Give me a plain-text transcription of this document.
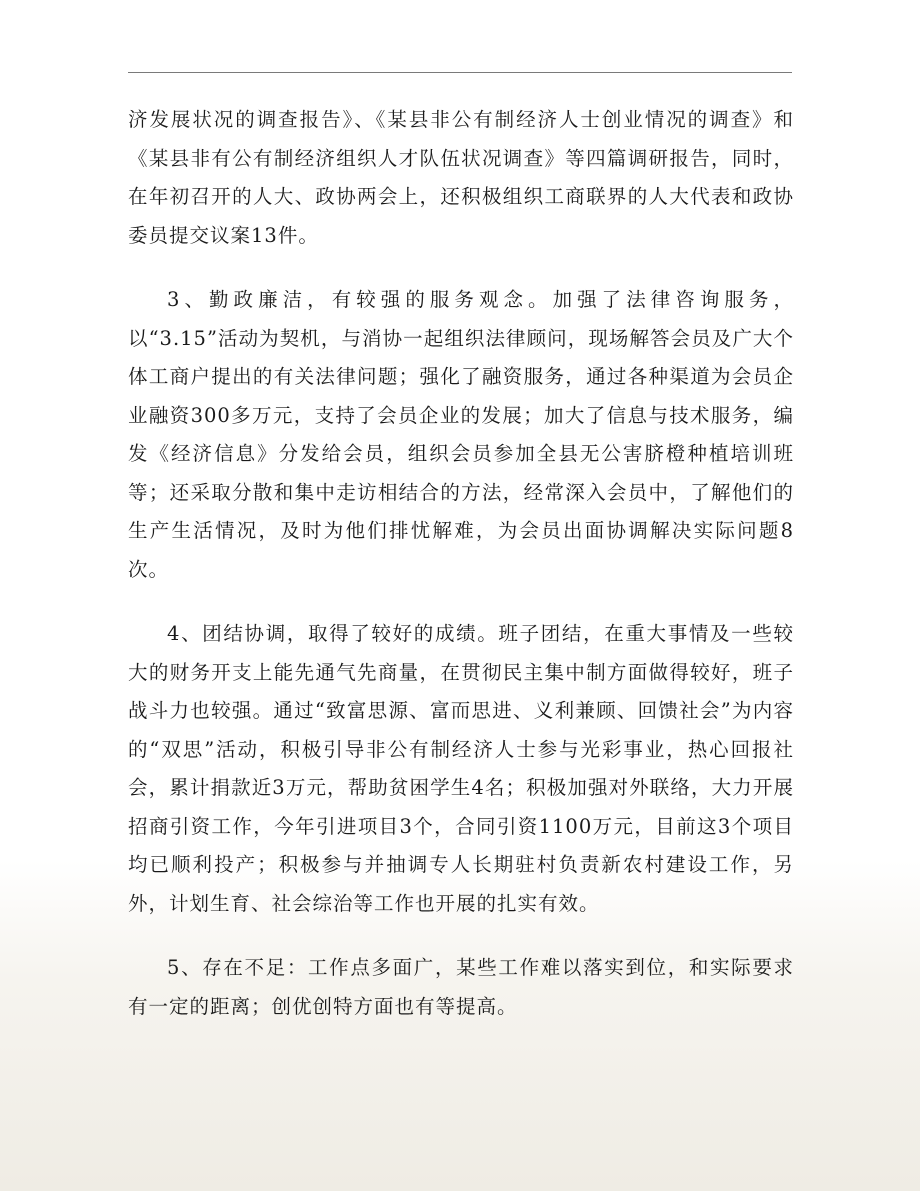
济发展状况的调查报告》、《某县非公有制经济人士创业情况的调查》和《某县非有公有制经济组织人才队伍状况调查》等四篇调研报告，同时，在年初召开的人大、政协两会上，还积极组织工商联界的人大代表和政协委员提交议案13件。

3、勤政廉洁，有较强的服务观念。加强了法律咨询服务，以“3.15”活动为契机，与消协一起组织法律顾问，现场解答会员及广大个体工商户提出的有关法律问题；强化了融资服务，通过各种渠道为会员企业融资300多万元，支持了会员企业的发展；加大了信息与技术服务，编发《经济信息》分发给会员，组织会员参加全县无公害脐橙种植培训班等；还采取分散和集中走访相结合的方法，经常深入会员中，了解他们的生产生活情况，及时为他们排忧解难，为会员出面协调解决实际问题8次。

4、团结协调，取得了较好的成绩。班子团结，在重大事情及一些较大的财务开支上能先通气先商量，在贯彻民主集中制方面做得较好，班子战斗力也较强。通过“致富思源、富而思进、义利兼顾、回馈社会”为内容的“双思”活动，积极引导非公有制经济人士参与光彩事业，热心回报社会，累计捐款近3万元，帮助贫困学生4名；积极加强对外联络，大力开展招商引资工作，今年引进项目3个，合同引资1100万元，目前这3个项目均已顺利投产；积极参与并抽调专人长期驻村负责新农村建设工作，另外，计划生育、社会综治等工作也开展的扎实有效。

5、存在不足：工作点多面广，某些工作难以落实到位，和实际要求有一定的距离；创优创特方面也有等提高。
